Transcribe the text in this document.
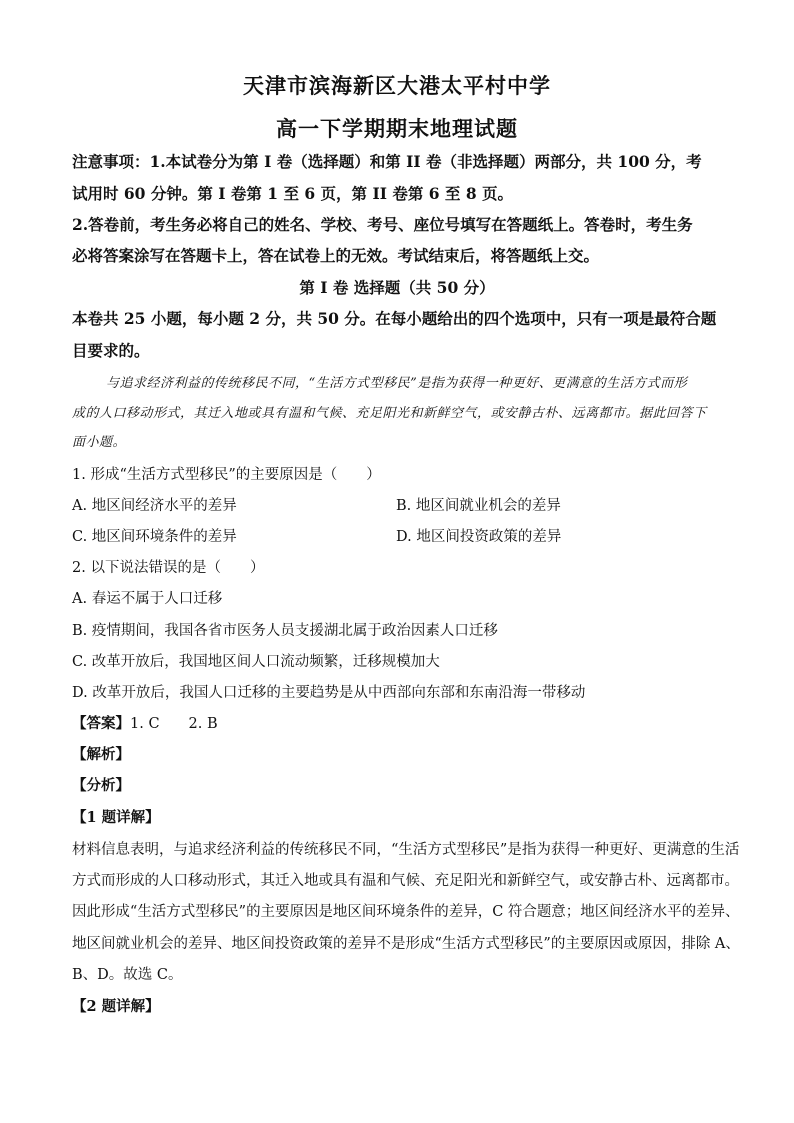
天津市滨海新区大港太平村中学
高一下学期期末地理试题
注意事项：1.本试卷分为第 I 卷（选择题）和第 II 卷（非选择题）两部分，共 100 分，考
试用时 60 分钟。第 I 卷第 1 至 6 页，第 II 卷第 6 至 8 页。
2.答卷前，考生务必将自己的姓名、学校、考号、座位号填写在答题纸上。答卷时，考生务
必将答案涂写在答题卡上，答在试卷上的无效。考试结束后，将答题纸上交。
第 I 卷 选择题（共 50 分）
本卷共 25 小题，每小题 2 分，共 50 分。在每小题给出的四个选项中，只有一项是最符合题
目要求的。
与追求经济利益的传统移民不同，“生活方式型移民”是指为获得一种更好、更满意的生活方式而形
成的人口移动形式，其迁入地或具有温和气候、充足阳光和新鲜空气，或安静古朴、远离都市。据此回答下
面小题。
1. 形成“生活方式型移民”的主要原因是（　　）
A. 地区间经济水平的差异	B. 地区间就业机会的差异
C. 地区间环境条件的差异	D. 地区间投资政策的差异
2. 以下说法错误的是（　　）
A. 春运不属于人口迁移
B. 疫情期间，我国各省市医务人员支援湖北属于政治因素人口迁移
C. 改革开放后，我国地区间人口流动频繁，迁移规模加大
D. 改革开放后，我国人口迁移的主要趋势是从中西部向东部和东南沿海一带移动
【答案】1. C　　2. B
【解析】
【分析】
【1 题详解】
材料信息表明，与追求经济利益的传统移民不同，“生活方式型移民”是指为获得一种更好、更满意的生活
方式而形成的人口移动形式，其迁入地或具有温和气候、充足阳光和新鲜空气，或安静古朴、远离都市。
因此形成“生活方式型移民”的主要原因是地区间环境条件的差异，C 符合题意；地区间经济水平的差异、
地区间就业机会的差异、地区间投资政策的差异不是形成“生活方式型移民”的主要原因或原因，排除 A、
B、D。故选 C。
【2 题详解】
